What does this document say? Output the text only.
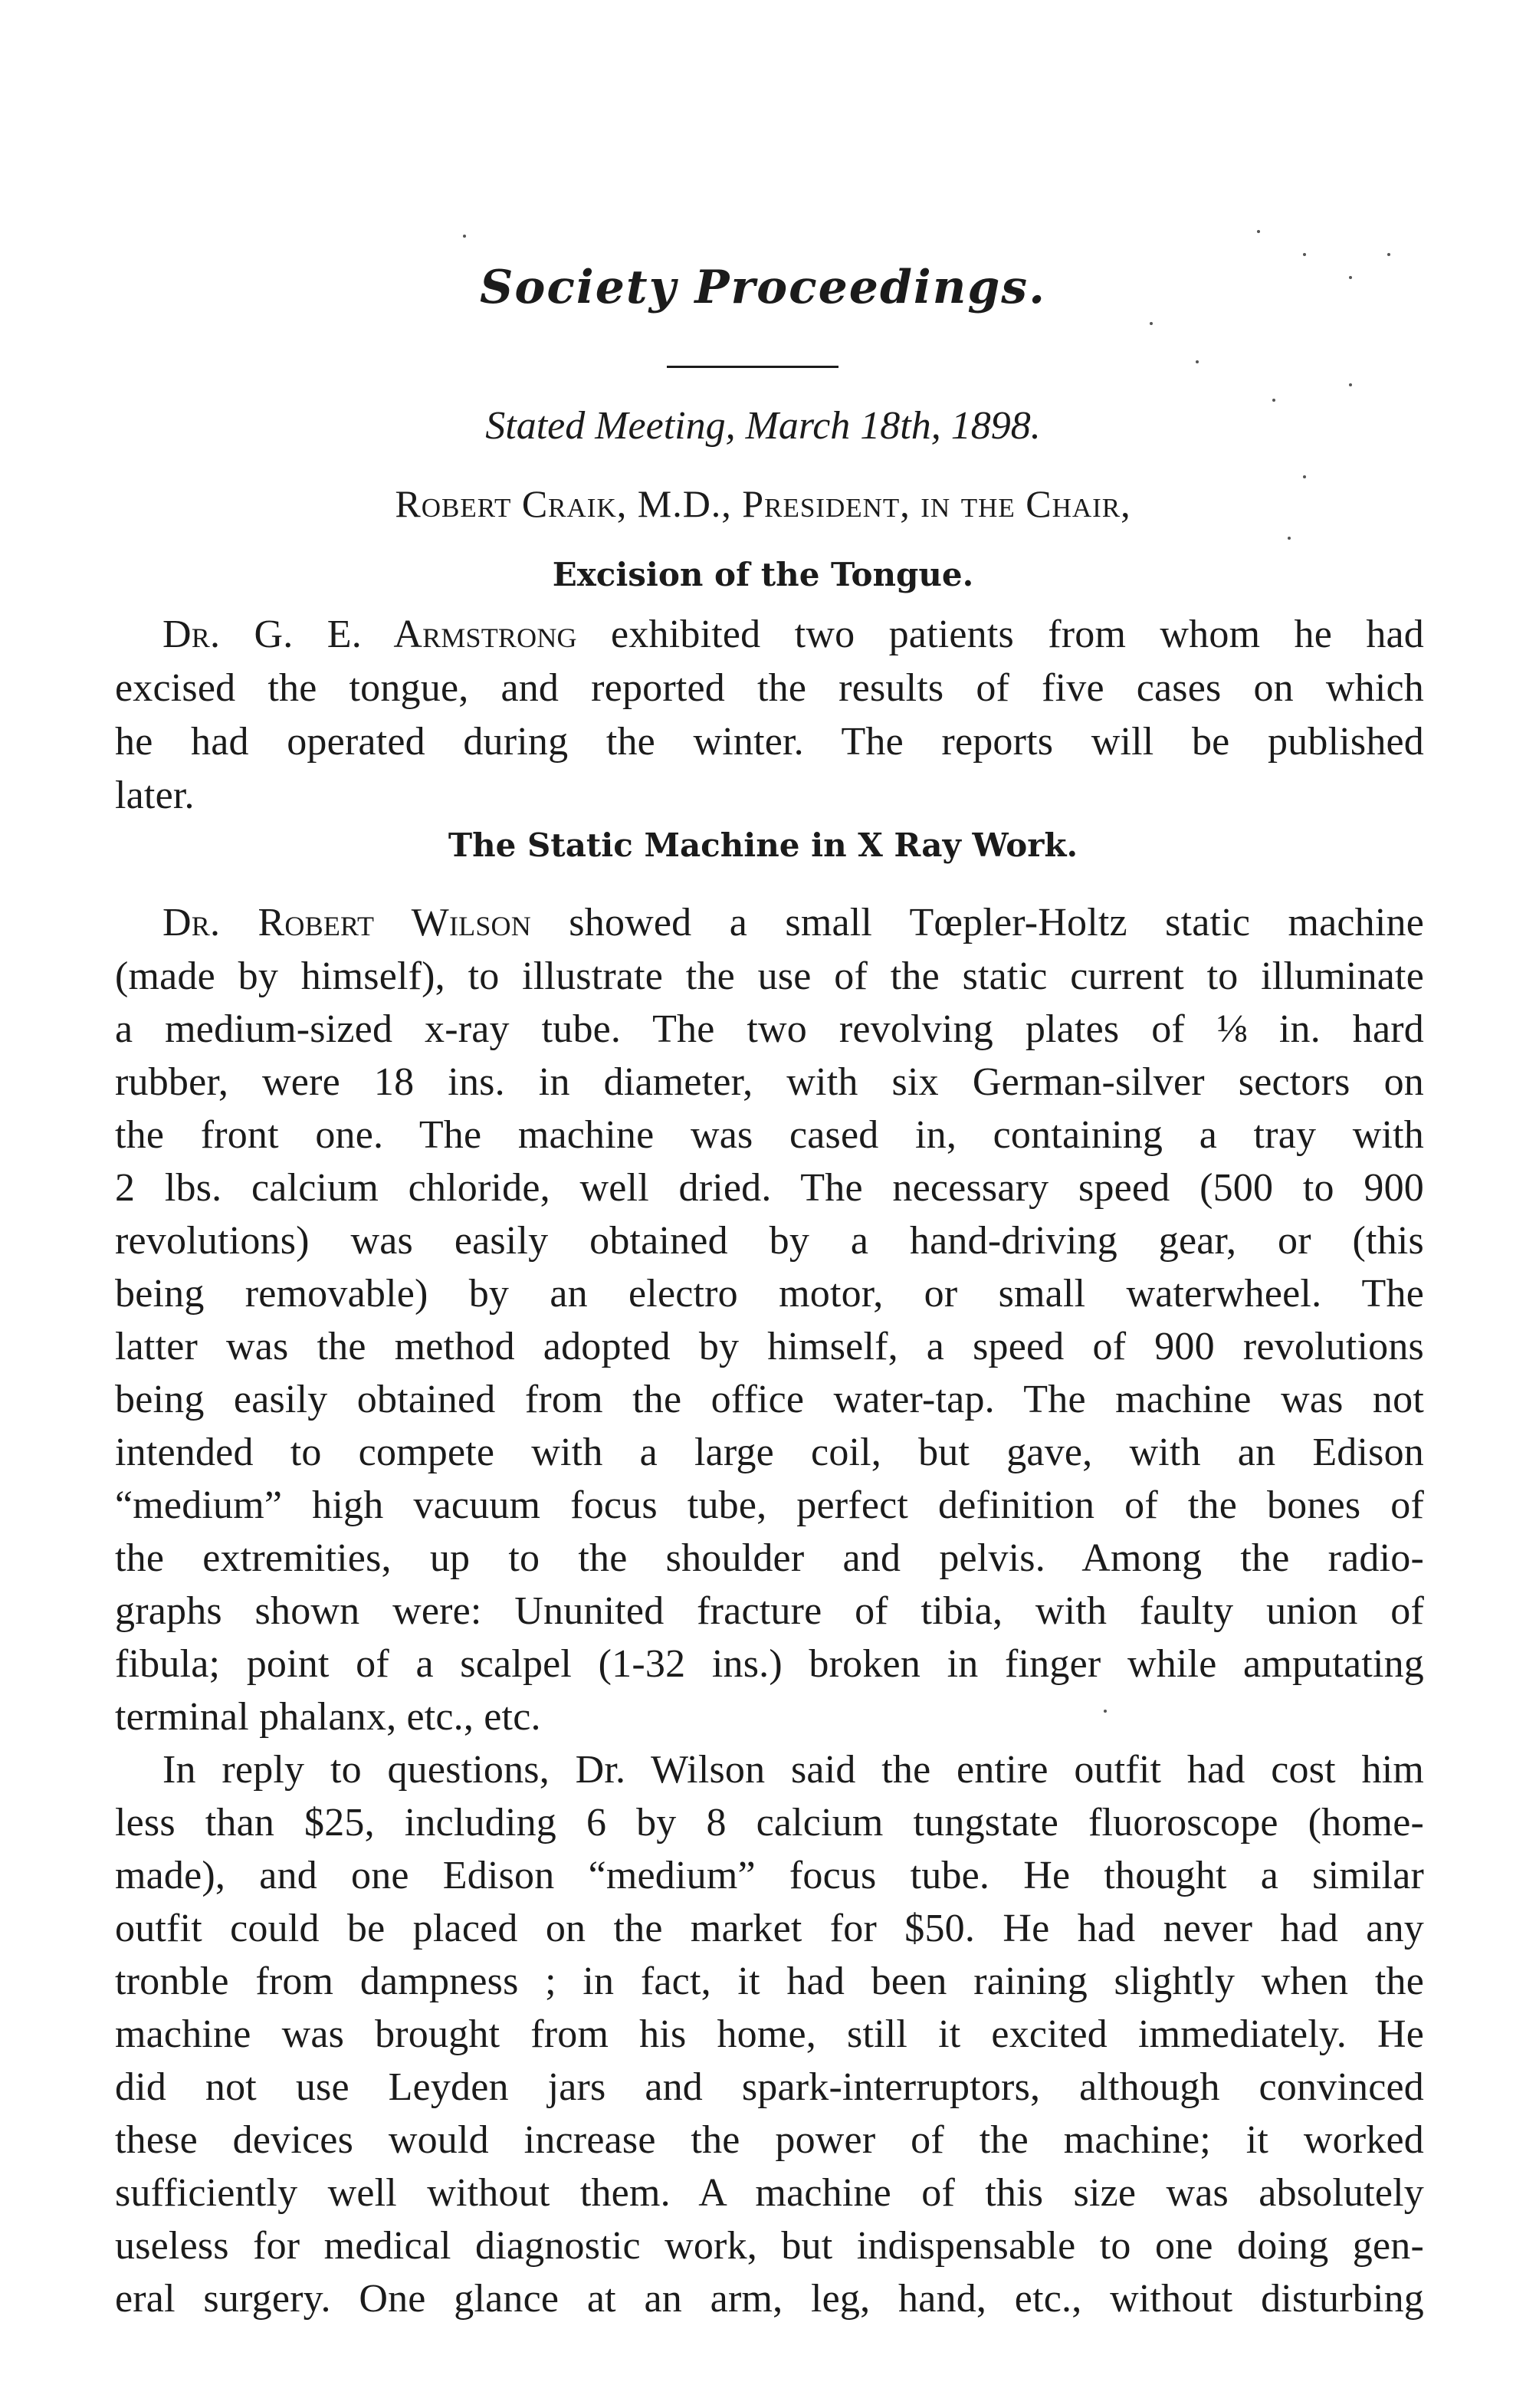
Society Proceedings.
Stated Meeting, March 18th, 1898.
Robert Craik, M.D., President, in the Chair,
Excision of the Tongue.
Dr. G. E. Armstrong exhibited two patients from whom he had
excised the tongue, and reported the results of five cases on which
he had operated during the winter. The reports will be published
later.
The Static Machine in X Ray Work.
Dr. Robert Wilson showed a small Tœpler-Holtz static machine
(made by himself), to illustrate the use of the static current to illuminate
a medium-sized x-ray tube. The two revolving plates of ⅛ in. hard
rubber, were 18 ins. in diameter, with six German-silver sectors on
the front one. The machine was cased in, containing a tray with
2 lbs. calcium chloride, well dried. The necessary speed (500 to 900
revolutions) was easily obtained by a hand-driving gear, or (this
being removable) by an electro motor, or small waterwheel. The
latter was the method adopted by himself, a speed of 900 revolutions
being easily obtained from the office water-tap. The machine was not
intended to compete with a large coil, but gave, with an Edison
“medium” high vacuum focus tube, perfect definition of the bones of
the extremities, up to the shoulder and pelvis. Among the radio-
graphs shown were: Ununited fracture of tibia, with faulty union of
fibula; point of a scalpel (1-32 ins.) broken in finger while amputating
terminal phalanx, etc., etc.
In reply to questions, Dr. Wilson said the entire outfit had cost him
less than $25, including 6 by 8 calcium tungstate fluoroscope (home-
made), and one Edison “medium” focus tube. He thought a similar
outfit could be placed on the market for $50. He had never had any
tronble from dampness ; in fact, it had been raining slightly when the
machine was brought from his home, still it excited immediately. He
did not use Leyden jars and spark-interruptors, although convinced
these devices would increase the power of the machine; it worked
sufficiently well without them. A machine of this size was absolutely
useless for medical diagnostic work, but indispensable to one doing gen-
eral surgery. One glance at an arm, leg, hand, etc., without disturbing
